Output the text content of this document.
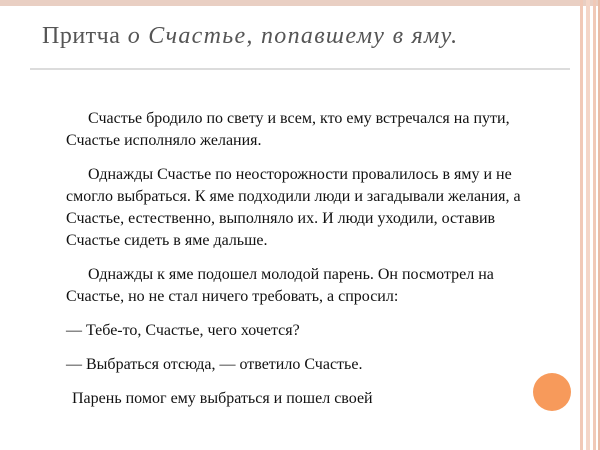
Притча о Счастье, попавшему в яму.

Счастье бродило по свету и всем, кто ему встречался на пути, Счастье исполняло желания.

Однажды Счастье по неосторожности провалилось в яму и не смогло выбраться. К яме подходили люди и загадывали желания, а Счастье, естественно, выполняло их. И люди уходили, оставив Счастье сидеть в яме дальше.

Однажды к яме подошел молодой парень. Он посмотрел на Счастье, но не стал ничего требовать, а спросил:

— Тебе-то, Счастье, чего хочется?

— Выбраться отсюда, — ответило Счастье.

Парень помог ему выбраться и пошел своей
